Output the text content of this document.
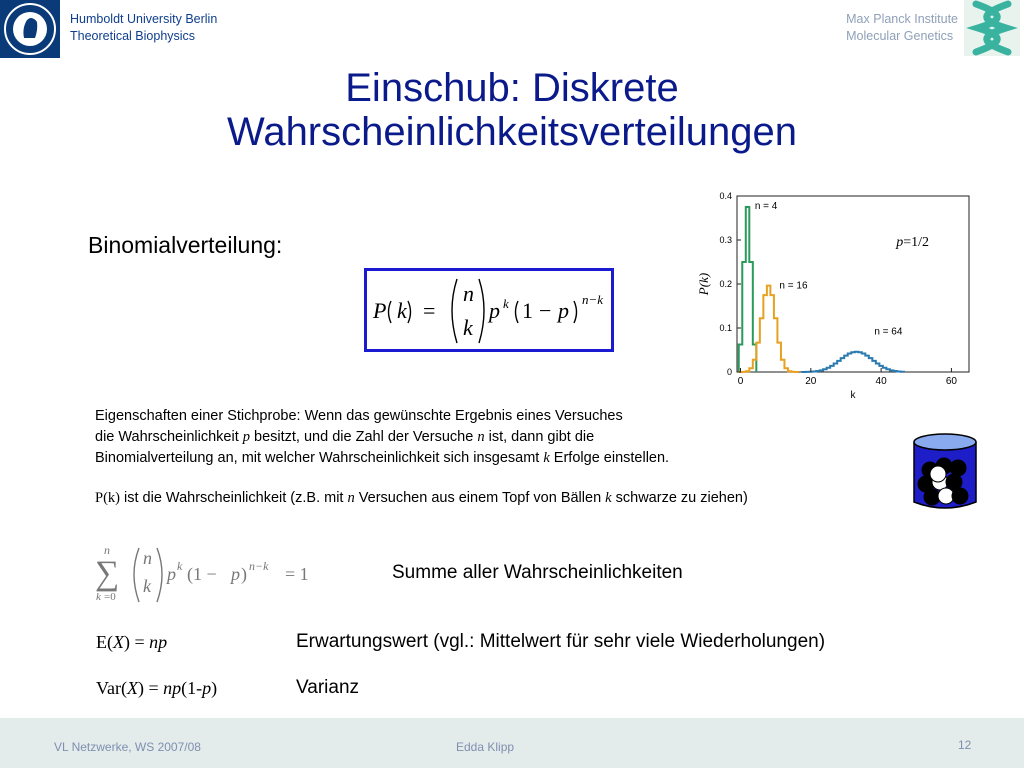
Humboldt University Berlin
Theoretical Biophysics
Max Planck Institute
Molecular Genetics
Einschub: Diskrete
Wahrscheinlichkeitsverteilungen
Binomialverteilung:
P k
n
k
p k p n−k
=	1 −
n = 4
n = 16
n = 64
0
0.1
0.2
0.3
0.4
0	20	40	60
P(k)
k
p=1/2
Eigenschaften einer Stichprobe: Wenn das gewünschte Ergebnis eines Versuches
die Wahrscheinlichkeit p besitzt, und die Zahl der Versuche n ist, dann gibt die
Binomialverteilung an, mit welcher Wahrscheinlichkeit sich insgesamt k Erfolge einstellen.
P(k) ist die Wahrscheinlichkeit (z.B. mit n Versuchen aus einem Topf von Bällen k schwarze zu ziehen)
n
∑
k =0
n
k
p k (1 − p ) n−k = 1	Summe aller Wahrscheinlichkeiten
E(X) = np	Erwartungswert (vgl.: Mittelwert für sehr viele Wiederholungen)
Var(X) = np(1-p)	Varianz
VL Netzwerke, WS 2007/08	Edda Klipp	12
